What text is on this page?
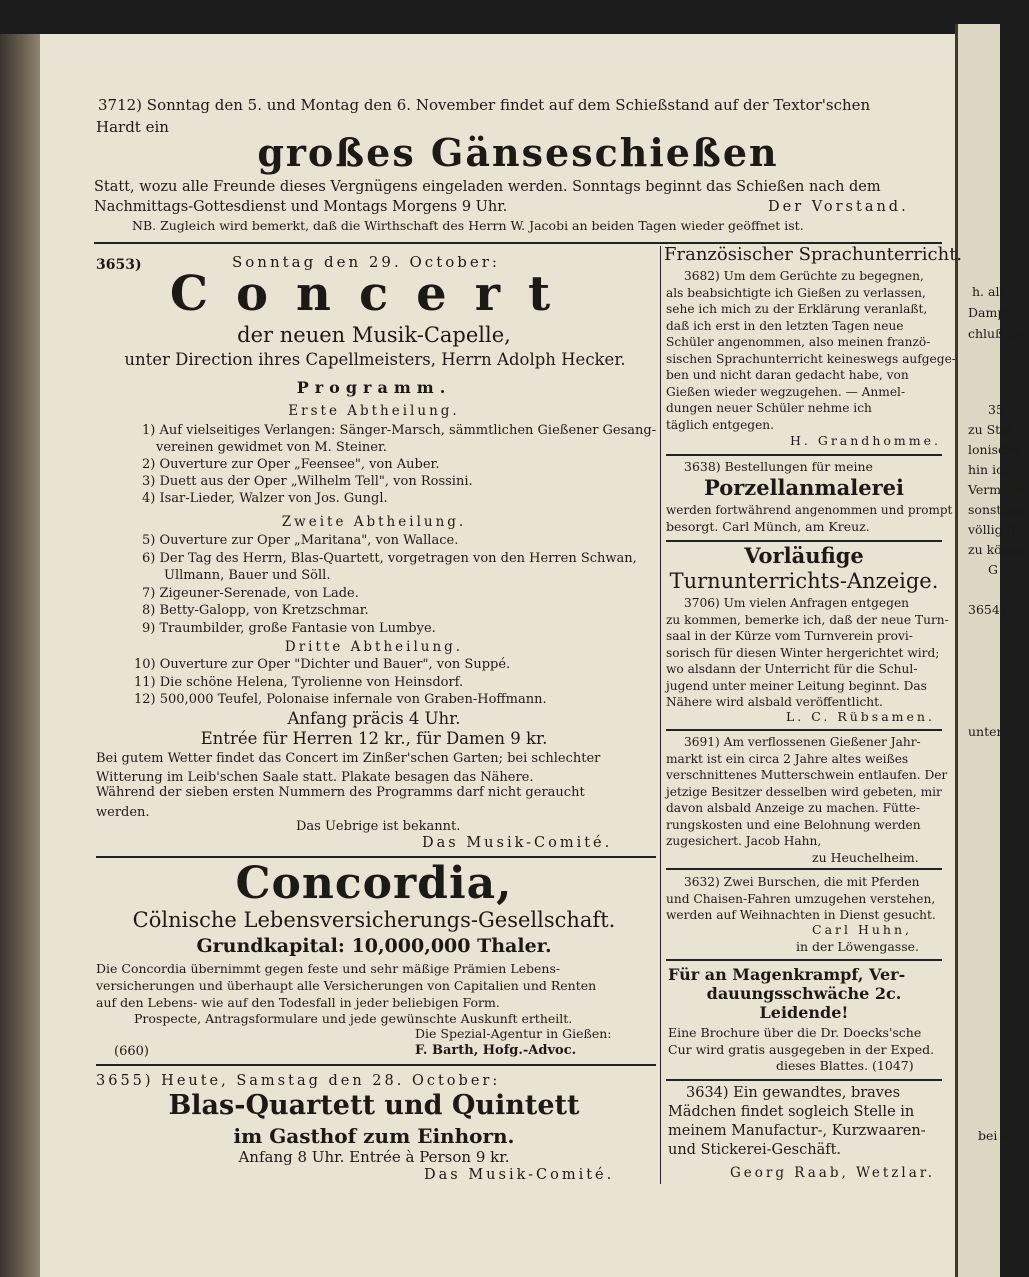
h. all
Dampf-
chluß be
35
zu Stut
lonische
hin ich
Vermöge
sonstigen
völlig fi
zu könne
G
3654)
unter
bei a
3712) Sonntag den 5. und Montag den 6. November findet auf dem Schießstand auf der Textor'schen
Hardt ein
großes Gänseschießen
Statt, wozu alle Freunde dieses Vergnügens eingeladen werden. Sonntags beginnt das Schießen nach dem
Nachmittags-Gottesdienst und Montags Morgens 9 Uhr.	Der Vorstand.
NB. Zugleich wird bemerkt, daß die Wirthschaft des Herrn W. Jacobi an beiden Tagen wieder geöffnet ist.
3653)	Sonntag den 29. October:
Concert
der neuen Musik-Capelle,
unter Direction ihres Capellmeisters, Herrn Adolph Hecker.
Programm.
Erste Abtheilung.
1) Auf vielseitiges Verlangen: Sänger-Marsch, sämmtlichen Gießener Gesang-
vereinen gewidmet von M. Steiner.
2) Ouverture zur Oper „Feensee", von Auber.
3) Duett aus der Oper „Wilhelm Tell", von Rossini.
4) Isar-Lieder, Walzer von Jos. Gungl.
Zweite Abtheilung.
5) Ouverture zur Oper „Maritana", von Wallace.
6) Der Tag des Herrn, Blas-Quartett, vorgetragen von den Herren Schwan,
Ullmann, Bauer und Söll.
7) Zigeuner-Serenade, von Lade.
8) Betty-Galopp, von Kretzschmar.
9) Traumbilder, große Fantasie von Lumbye.
Dritte Abtheilung.
10) Ouverture zur Oper "Dichter und Bauer", von Suppé.
11) Die schöne Helena, Tyrolienne von Heinsdorf.
12) 500,000 Teufel, Polonaise infernale von Graben-Hoffmann.
Anfang präcis 4 Uhr.
Entrée für Herren 12 kr., für Damen 9 kr.
Bei gutem Wetter findet das Concert im Zinßer'schen Garten; bei schlechter
Witterung im Leib'schen Saale statt. Plakate besagen das Nähere.
Während der sieben ersten Nummern des Programms darf nicht geraucht
werden.
Das Uebrige ist bekannt.
Das Musik-Comité.
Concordia,
Cölnische Lebensversicherungs-Gesellschaft.
Grundkapital: 10,000,000 Thaler.
Die Concordia übernimmt gegen feste und sehr mäßige Prämien Lebens-
versicherungen und überhaupt alle Versicherungen von Capitalien und Renten
auf den Lebens- wie auf den Todesfall in jeder beliebigen Form.
Prospecte, Antragsformulare und jede gewünschte Auskunft ertheilt.
Die Spezial-Agentur in Gießen:
(660)	F. Barth, Hofg.-Advoc.
3655) Heute, Samstag den 28. October:
Blas-Quartett und Quintett
im Gasthof zum Einhorn.
Anfang 8 Uhr. Entrée à Person 9 kr.
Das Musik-Comité.
Französischer Sprachunterricht.
3682) Um dem Gerüchte zu begegnen,
als beabsichtigte ich Gießen zu verlassen,
sehe ich mich zu der Erklärung veranlaßt,
daß ich erst in den letzten Tagen neue
Schüler angenommen, also meinen franzö-
sischen Sprachunterricht keineswegs aufgege-
ben und nicht daran gedacht habe, von
Gießen wieder wegzugehen. — Anmel-
dungen neuer Schüler nehme ich
täglich entgegen.
H. Grandhomme.
3638) Bestellungen für meine
Porzellanmalerei
werden fortwährend angenommen und prompt
besorgt. Carl Münch, am Kreuz.
Vorläufige
Turnunterrichts-Anzeige.
3706) Um vielen Anfragen entgegen
zu kommen, bemerke ich, daß der neue Turn-
saal in der Kürze vom Turnverein provi-
sorisch für diesen Winter hergerichtet wird;
wo alsdann der Unterricht für die Schul-
jugend unter meiner Leitung beginnt. Das
Nähere wird alsbald veröffentlicht.
L. C. Rübsamen.
3691) Am verflossenen Gießener Jahr-
markt ist ein circa 2 Jahre altes weißes
verschnittenes Mutterschwein entlaufen. Der
jetzige Besitzer desselben wird gebeten, mir
davon alsbald Anzeige zu machen. Fütte-
rungskosten und eine Belohnung werden
zugesichert. Jacob Hahn,
zu Heuchelheim.
3632) Zwei Burschen, die mit Pferden
und Chaisen-Fahren umzugehen verstehen,
werden auf Weihnachten in Dienst gesucht.
Carl Huhn,
in der Löwengasse.
Für an Magenkrampf, Ver-
dauungsschwäche 2c.
Leidende!
Eine Brochure über die Dr. Doecks'sche
Cur wird gratis ausgegeben in der Exped.
dieses Blattes. (1047)
3634) Ein gewandtes, braves
Mädchen findet sogleich Stelle in
meinem Manufactur-, Kurzwaaren-
und Stickerei-Geschäft.
Georg Raab, Wetzlar.
